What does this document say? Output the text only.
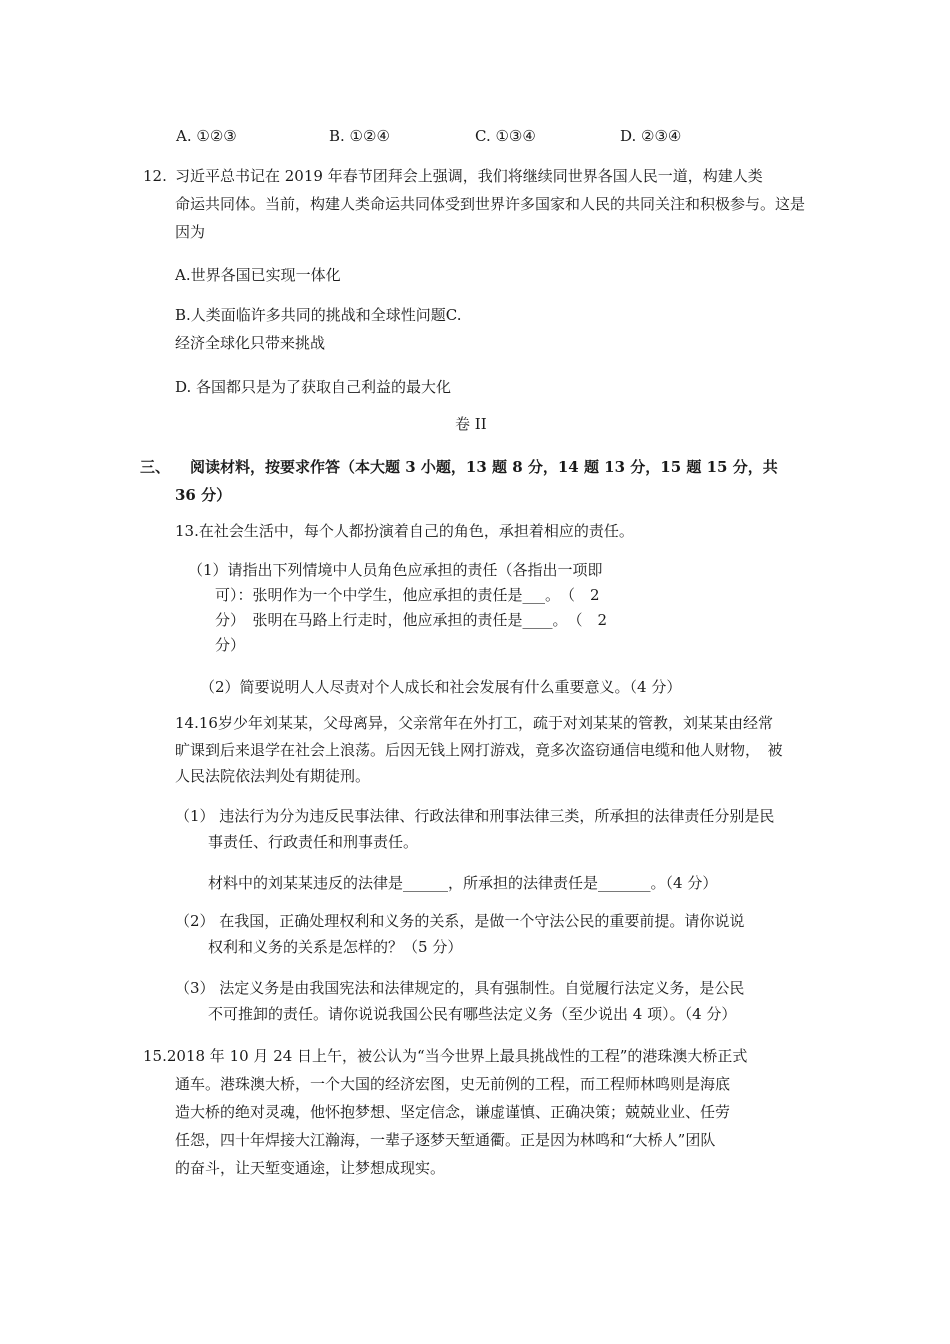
A. ①②③	B. ①②④	C. ①③④	D. ②③④
12. 习近平总书记在 2019 年春节团拜会上强调，我们将继续同世界各国人民一道，构建人类
命运共同体。当前，构建人类命运共同体受到世界许多国家和人民的共同关注和积极参与。这是
因为
A.世界各国已实现一体化
B.人类面临许多共同的挑战和全球性问题C.
经济全球化只带来挑战
D. 各国都只是为了获取自己利益的最大化
卷 II
三、 阅读材料，按要求作答（本大题 3 小题，13 题 8 分，14 题 13 分，15 题 15 分，共
36 分）
13.在社会生活中，每个人都扮演着自己的角色，承担着相应的责任。
（1）请指出下列情境中人员角色应承担的责任（各指出一项即
可）：张明作为一个中学生，他应承担的责任是___。　（　2
分）　张明在马路上行走时，他应承担的责任是____。　（　2
分）
（2）简要说明人人尽责对个人成长和社会发展有什么重要意义。（4 分）
14.16岁少年刘某某，父母离异，父亲常年在外打工，疏于对刘某某的管教，刘某某由经常
旷课到后来退学在社会上浪荡。后因无钱上网打游戏，竟多次盗窃通信电缆和他人财物，　被
人民法院依法判处有期徒刑。
（1） 违法行为分为违反民事法律、行政法律和刑事法律三类，所承担的法律责任分别是民
事责任、行政责任和刑事责任。
材料中的刘某某违反的法律是______，所承担的法律责任是_______。（4 分）
（2） 在我国，正确处理权利和义务的关系，是做一个守法公民的重要前提。请你说说
权利和义务的关系是怎样的？（5 分）
（3） 法定义务是由我国宪法和法律规定的，具有强制性。自觉履行法定义务，是公民
不可推卸的责任。请你说说我国公民有哪些法定义务（至少说出 4 项）。（4 分）
15.2018 年 10 月 24 日上午，被公认为“当今世界上最具挑战性的工程”的港珠澳大桥正式
通车。港珠澳大桥，一个大国的经济宏图，史无前例的工程，而工程师林鸣则是海底
造大桥的绝对灵魂，他怀抱梦想、坚定信念，谦虚谨慎、正确决策；兢兢业业、任劳
任怨，四十年焊接大江瀚海，一辈子逐梦天堑通衢。正是因为林鸣和“大桥人”团队
的奋斗，让天堑变通途，让梦想成现实。
